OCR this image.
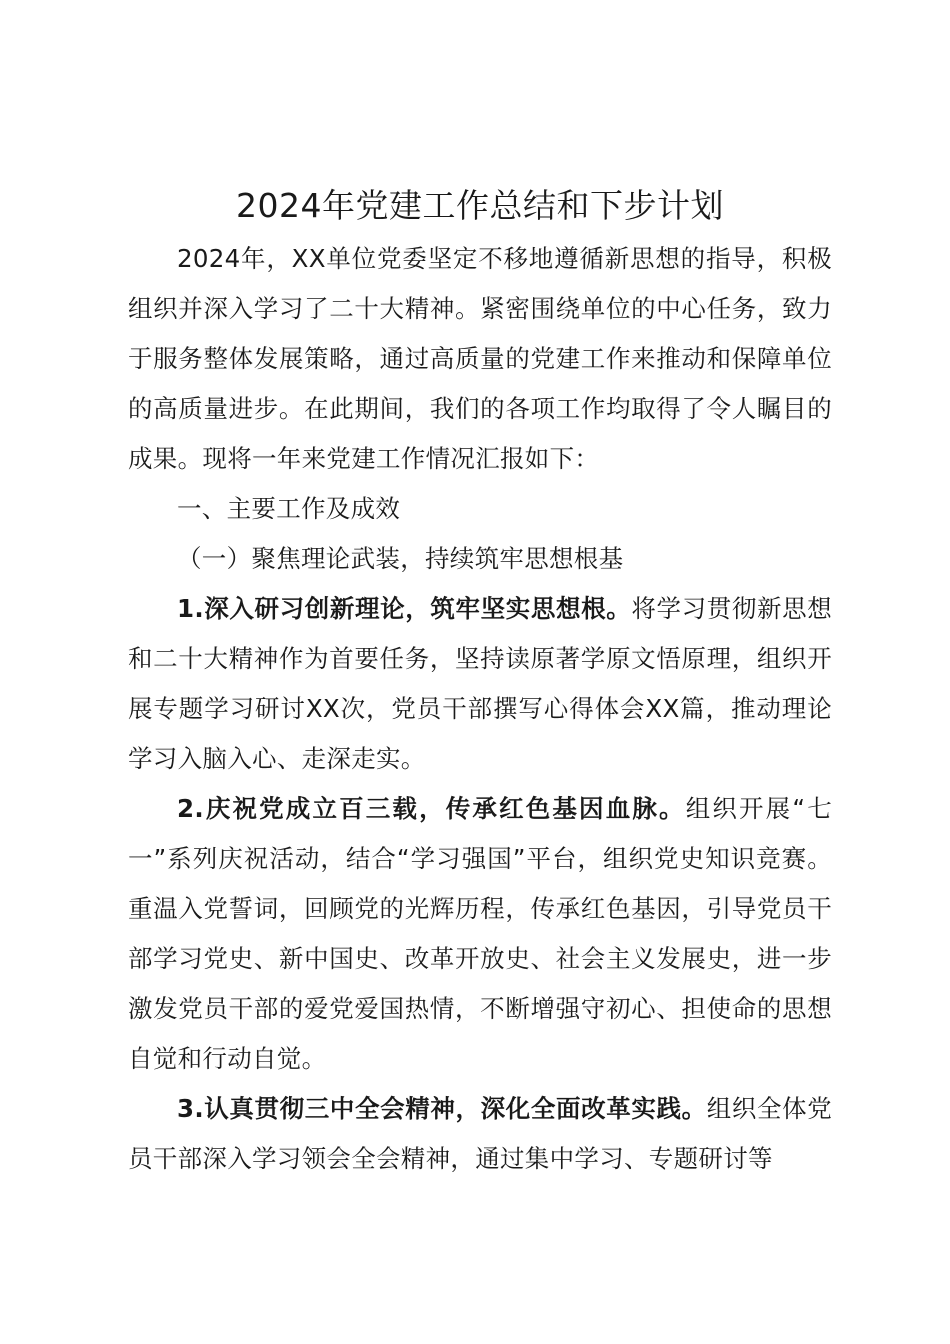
2024年党建工作总结和下步计划

2024年，XX单位党委坚定不移地遵循新思想的指导，积极组织并深入学习了二十大精神。紧密围绕单位的中心任务，致力于服务整体发展策略，通过高质量的党建工作来推动和保障单位的高质量进步。在此期间，我们的各项工作均取得了令人瞩目的成果。现将一年来党建工作情况汇报如下：

一、主要工作及成效

（一）聚焦理论武装，持续筑牢思想根基

1.深入研习创新理论，筑牢坚实思想根。将学习贯彻新思想和二十大精神作为首要任务，坚持读原著学原文悟原理，组织开展专题学习研讨XX次，党员干部撰写心得体会XX篇，推动理论学习入脑入心、走深走实。

2.庆祝党成立百三载，传承红色基因血脉。组织开展“七一”系列庆祝活动，结合“学习强国”平台，组织党史知识竞赛。重温入党誓词，回顾党的光辉历程，传承红色基因，引导党员干部学习党史、新中国史、改革开放史、社会主义发展史，进一步激发党员干部的爱党爱国热情，不断增强守初心、担使命的思想自觉和行动自觉。

3.认真贯彻三中全会精神，深化全面改革实践。组织全体党员干部深入学习领会全会精神，通过集中学习、专题研讨等
